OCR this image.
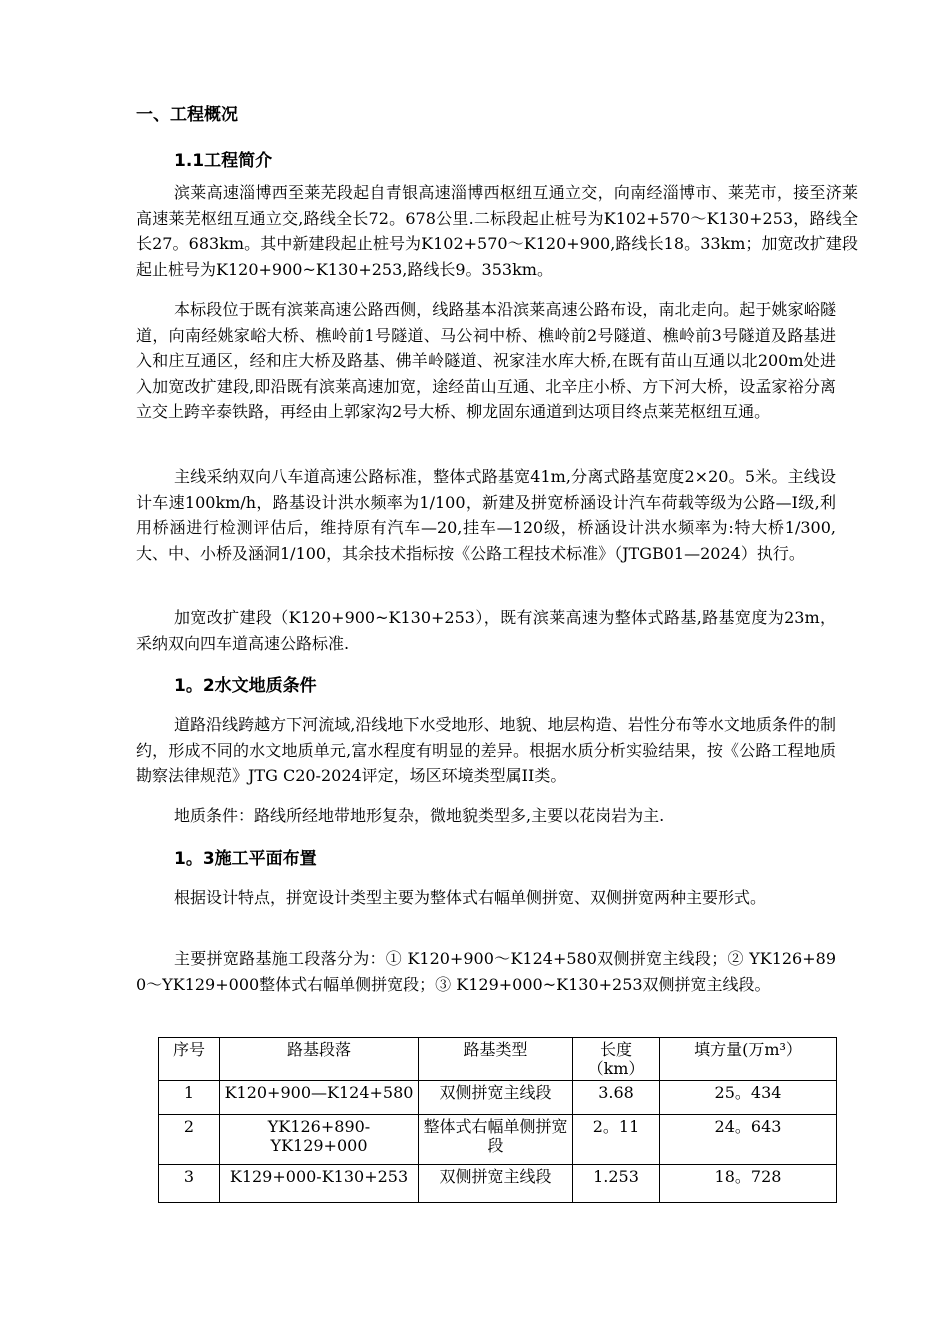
一、工程概况
1.1工程简介

滨莱高速淄博西至莱芜段起自青银高速淄博西枢纽互通立交，向南经淄博市、莱芜市，接至济莱高速莱芜枢纽互通立交,路线全长72。678公里.二标段起止桩号为K102+570～K130+253，路线全长27。683km。其中新建段起止桩号为K102+570～K120+900,路线长18。33km；加宽改扩建段起止桩号为K120+900~K130+253,路线长9。353km。

本标段位于既有滨莱高速公路西侧，线路基本沿滨莱高速公路布设，南北走向。起于姚家峪隧道，向南经姚家峪大桥、樵岭前1号隧道、马公祠中桥、樵岭前2号隧道、樵岭前3号隧道及路基进入和庄互通区，经和庄大桥及路基、佛羊岭隧道、祝家洼水库大桥,在既有苗山互通以北200m处进入加宽改扩建段,即沿既有滨莱高速加宽，途经苗山互通、北辛庄小桥、方下河大桥，设孟家裕分离立交上跨辛泰铁路，再经由上郭家沟2号大桥、柳龙固东通道到达项目终点莱芜枢纽互通。

主线采纳双向八车道高速公路标准，整体式路基宽41m,分离式路基宽度2×20。5米。主线设计车速100km/h，路基设计洪水频率为1/100，新建及拼宽桥涵设计汽车荷载等级为公路—I级,利用桥涵进行检测评估后，维持原有汽车—20,挂车—120级，桥涵设计洪水频率为:特大桥1/300,大、中、小桥及涵洞1/100，其余技术指标按《公路工程技术标准》（JTGB01—2024）执行。

加宽改扩建段（K120+900~K130+253），既有滨莱高速为整体式路基,路基宽度为23m，采纳双向四车道高速公路标准.

1。2水文地质条件

道路沿线跨越方下河流域,沿线地下水受地形、地貌、地层构造、岩性分布等水文地质条件的制约，形成不同的水文地质单元,富水程度有明显的差异。根据水质分析实验结果，按《公路工程地质勘察法律规范》JTG C20-2024评定，场区环境类型属II类。

地质条件：路线所经地带地形复杂，微地貌类型多,主要以花岗岩为主.

1。3施工平面布置

根据设计特点，拼宽设计类型主要为整体式右幅单侧拼宽、双侧拼宽两种主要形式。

主要拼宽路基施工段落分为：① K120+900～K124+580双侧拼宽主线段；② YK126+890～YK129+000整体式右幅单侧拼宽段；③ K129+000~K130+253双侧拼宽主线段。

序号	路基段落	路基类型	长度（km）	填方量(万m³）
1	K120+900—K124+580	双侧拼宽主线段	3.68	25。434
2	YK126+890-YK129+000	整体式右幅单侧拼宽段	2。11	24。643
3	K129+000-K130+253	双侧拼宽主线段	1.253	18。728
